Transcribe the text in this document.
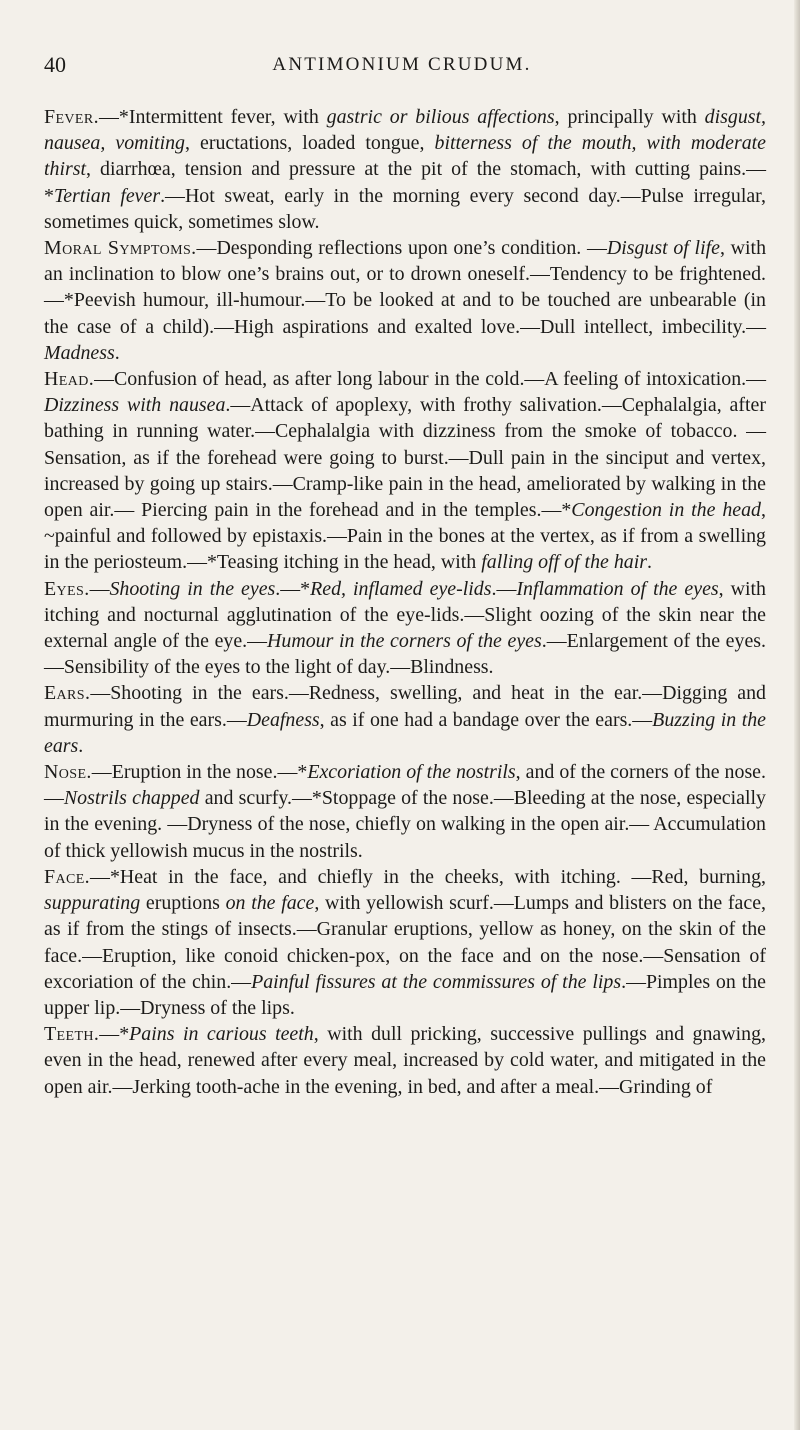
40	ANTIMONIUM CRUDUM.

Fever.—*Intermittent fever, with gastric or bilious affections, principally with disgust, nausea, vomiting, eructations, loaded tongue, bitterness of the mouth, with moderate thirst, diarrhœa, tension and pressure at the pit of the stomach, with cutting pains.—*Tertian fever.—Hot sweat, early in the morning every second day.—Pulse irregular, sometimes quick, sometimes slow.

Moral Symptoms.—Desponding reflections upon one’s condition. —Disgust of life, with an inclination to blow one’s brains out, or to drown oneself.—Tendency to be frightened.—*Peevish humour, ill-humour.—To be looked at and to be touched are unbearable (in the case of a child).—High aspirations and exalted love.—Dull intellect, imbecility.—Madness.

Head.—Confusion of head, as after long labour in the cold.—A feeling of intoxication.—Dizziness with nausea.—Attack of apoplexy, with frothy salivation.—Cephalalgia, after bathing in running water.—Cephalalgia with dizziness from the smoke of tobacco. —Sensation, as if the forehead were going to burst.—Dull pain in the sinciput and vertex, increased by going up stairs.—Cramp-like pain in the head, ameliorated by walking in the open air.— Piercing pain in the forehead and in the temples.—*Congestion in the head, ~painful and followed by epistaxis.—Pain in the bones at the vertex, as if from a swelling in the periosteum.—*Teasing itching in the head, with falling off of the hair.

Eyes.—Shooting in the eyes.—*Red, inflamed eye-lids.—Inflammation of the eyes, with itching and nocturnal agglutination of the eye-lids.—Slight oozing of the skin near the external angle of the eye.—Humour in the corners of the eyes.—Enlargement of the eyes.—Sensibility of the eyes to the light of day.—Blindness.

Ears.—Shooting in the ears.—Redness, swelling, and heat in the ear.—Digging and murmuring in the ears.—Deafness, as if one had a bandage over the ears.—Buzzing in the ears.

Nose.—Eruption in the nose.—*Excoriation of the nostrils, and of the corners of the nose.—Nostrils chapped and scurfy.—*Stoppage of the nose.—Bleeding at the nose, especially in the evening. —Dryness of the nose, chiefly on walking in the open air.— Accumulation of thick yellowish mucus in the nostrils.

Face.—*Heat in the face, and chiefly in the cheeks, with itching. —Red, burning, suppurating eruptions on the face, with yellowish scurf.—Lumps and blisters on the face, as if from the stings of insects.—Granular eruptions, yellow as honey, on the skin of the face.—Eruption, like conoid chicken-pox, on the face and on the nose.—Sensation of excoriation of the chin.—Painful fissures at the commissures of the lips.—Pimples on the upper lip.—Dryness of the lips.

Teeth.—*Pains in carious teeth, with dull pricking, successive pullings and gnawing, even in the head, renewed after every meal, increased by cold water, and mitigated in the open air.—Jerking tooth-ache in the evening, in bed, and after a meal.—Grinding of
